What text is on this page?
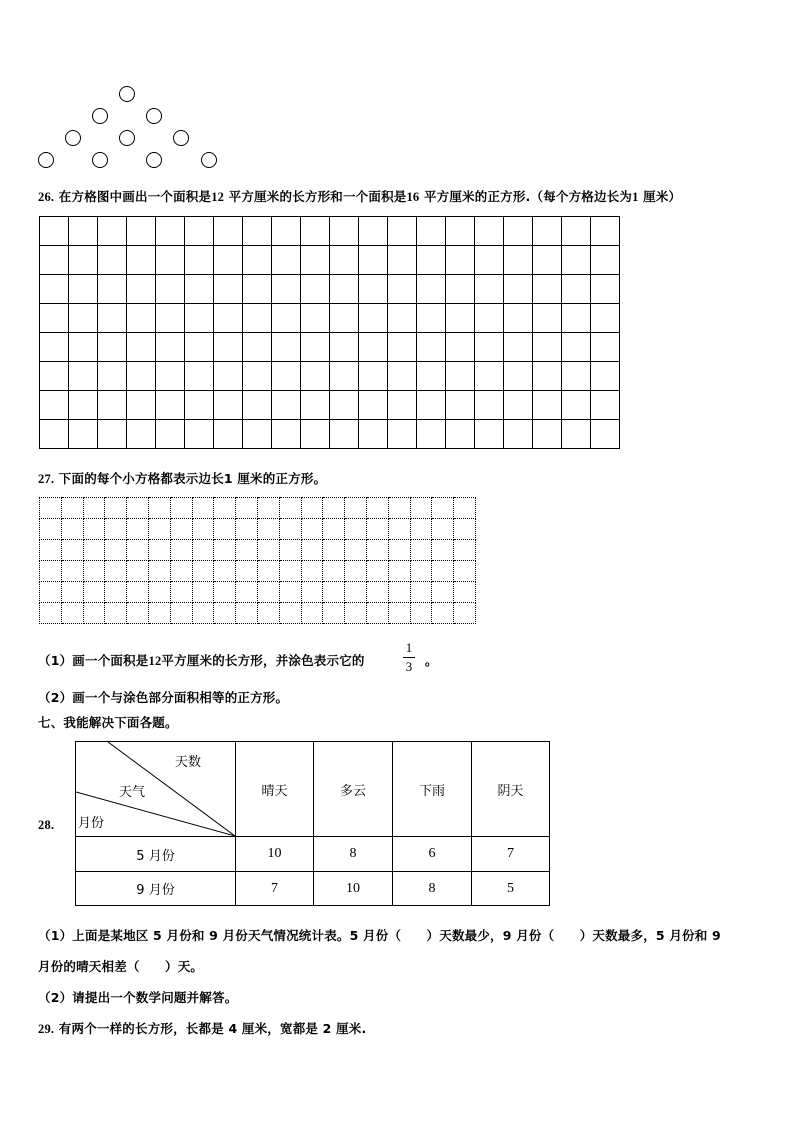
26. 在方格图中画出一个面积是12 平方厘米的长方形和一个面积是16 平方厘米的正方形.（每个方格边长为1 厘米）

27. 下面的每个小方格都表示边长1 厘米的正方形。

（1）画一个面积是12平方厘米的长方形，并涂色表示它的
1
3 。
（2）画一个与涂色部分面积相等的正方形。
七、我能解决下面各题。
28.
天数
天气
月份	晴天	多云	下雨	阴天
5 月份	10	8	6	7
9 月份	7	10	8	5
（1）上面是某地区 5 月份和 9 月份天气情况统计表。5 月份（　　）天数最少，9 月份（　　）天数最多，5 月份和 9
月份的晴天相差（　　）天。
（2）请提出一个数学问题并解答。
29. 有两个一样的长方形，长都是 4 厘米，宽都是 2 厘米.
